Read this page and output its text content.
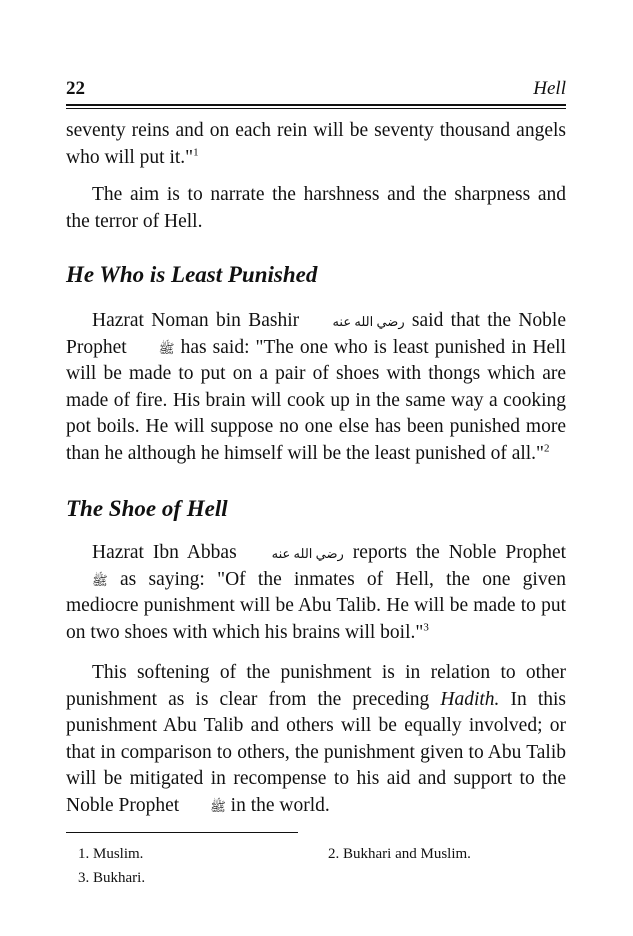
22	Hell
seventy reins and on each rein will be seventy thousand angels who will put it."$^1$
The aim is to narrate the harshness and the sharpness and the terror of Hell.
He Who is Least Punished
Hazrat Noman bin Bashir	رضي الله عنه said that the Noble Prophet ﷺ has said: "The one who is least punished in Hell will be made to put on a pair of shoes with thongs which are made of fire. His brain will cook up in the same way a cooking pot boils. He will suppose no one else has been punished more than he although he himself will be the least punished of all."$^2$
The Shoe of Hell
Hazrat Ibn Abbas	رضي الله عنه reports the Noble Prophet ﷺ as saying: "Of the inmates of Hell, the one given mediocre punishment will be Abu Talib. He will be made to put on two shoes with which his brains will boil."$^3$
This softening of the punishment is in relation to other punishment as is clear from the preceding Hadith. In this punishment Abu Talib and others will be equally involved; or that in comparison to others, the punishment given to Abu Talib will be mitigated in recompense to his aid and support to the Noble Prophet ﷺ in the world.
1. Muslim.	2. Bukhari and Muslim.
3. Bukhari.
